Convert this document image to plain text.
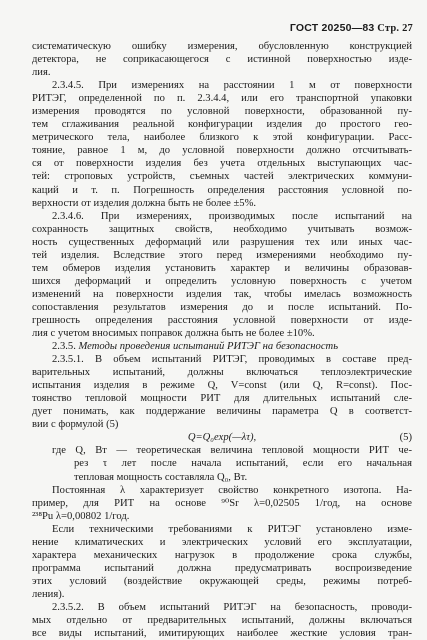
ГОСТ 20250—83 Стр. 27
систематическую ошибку измерения, обусловленную конструкцией
детектора, не соприкасающегося с истинной поверхностью изде-
лия.
2.3.4.5. При измерениях на расстоянии 1 м от поверхности
РИТЭГ, определенной по п. 2.3.4.4, или его транспортной упаковки
измерения проводятся по условной поверхности, образованной пу-
тем сглаживания реальной конфигурации изделия до простого гео-
метрического тела, наиболее близкого к этой конфигурации. Расс-
тояние, равное 1 м, до условной поверхности должно отсчитывать-
ся от поверхности изделия без учета отдельных выступающих час-
тей: строповых устройств, съемных частей электрических коммуни-
каций и т. п. Погрешность определения расстояния условной по-
верхности от изделия должна быть не более ±5%.
2.3.4.6. При измерениях, производимых после испытаний на
сохранность защитных свойств, необходимо учитывать возмож-
ность существенных деформаций или разрушения тех или иных час-
тей изделия. Вследствие этого перед измерениями необходимо пу-
тем обмеров изделия установить характер и величины образовав-
шихся деформаций и определить условную поверхность с учетом
изменений на поверхности изделия так, чтобы имелась возможность
сопоставления результатов измерения до и после испытаний. По-
грешность определения расстояния условной поверхности от изде-
лия с учетом вносимых поправок должна быть не более ±10%.
2.3.5. Методы проведения испытаний РИТЭГ на безопасность
2.3.5.1. В объем испытаний РИТЭГ, проводимых в составе пред-
варительных испытаний, должны включаться теплоэлектрические
испытания изделия в режиме Q, V=const (или Q, R=const). Пос-
тоянство тепловой мощности РИТ для длительных испытаний сле-
дует понимать, как поддержание величины параметра Q в соответст-
вии с формулой (5)
Q=Q₀exp(—λτ),	(5)
где Q, Вт — теоретическая величина тепловой мощности РИТ че-
рез τ лет после начала испытаний, если его начальная
тепловая мощность составляла Q₀, Вт.
Постоянная λ характеризует свойство конкретного изотопа. На-
пример, для РИТ на основе ⁹⁰Sr λ=0,02505 1/год, на основе
²³⁸Pu λ=0,00802 1/год.
Если техническими требованиями к РИТЭГ установлено изме-
нение климатических и электрических условий его эксплуатации,
характера механических нагрузок в продолжение срока службы,
программа испытаний должна предусматривать воспроизведение
этих условий (воздействие окружающей среды, режимы потреб-
ления).
2.3.5.2. В объем испытаний РИТЭГ на безопасность, проводи-
мых отдельно от предварительных испытаний, должны включаться
все виды испытаний, имитирующих наиболее жесткие условия тран-
